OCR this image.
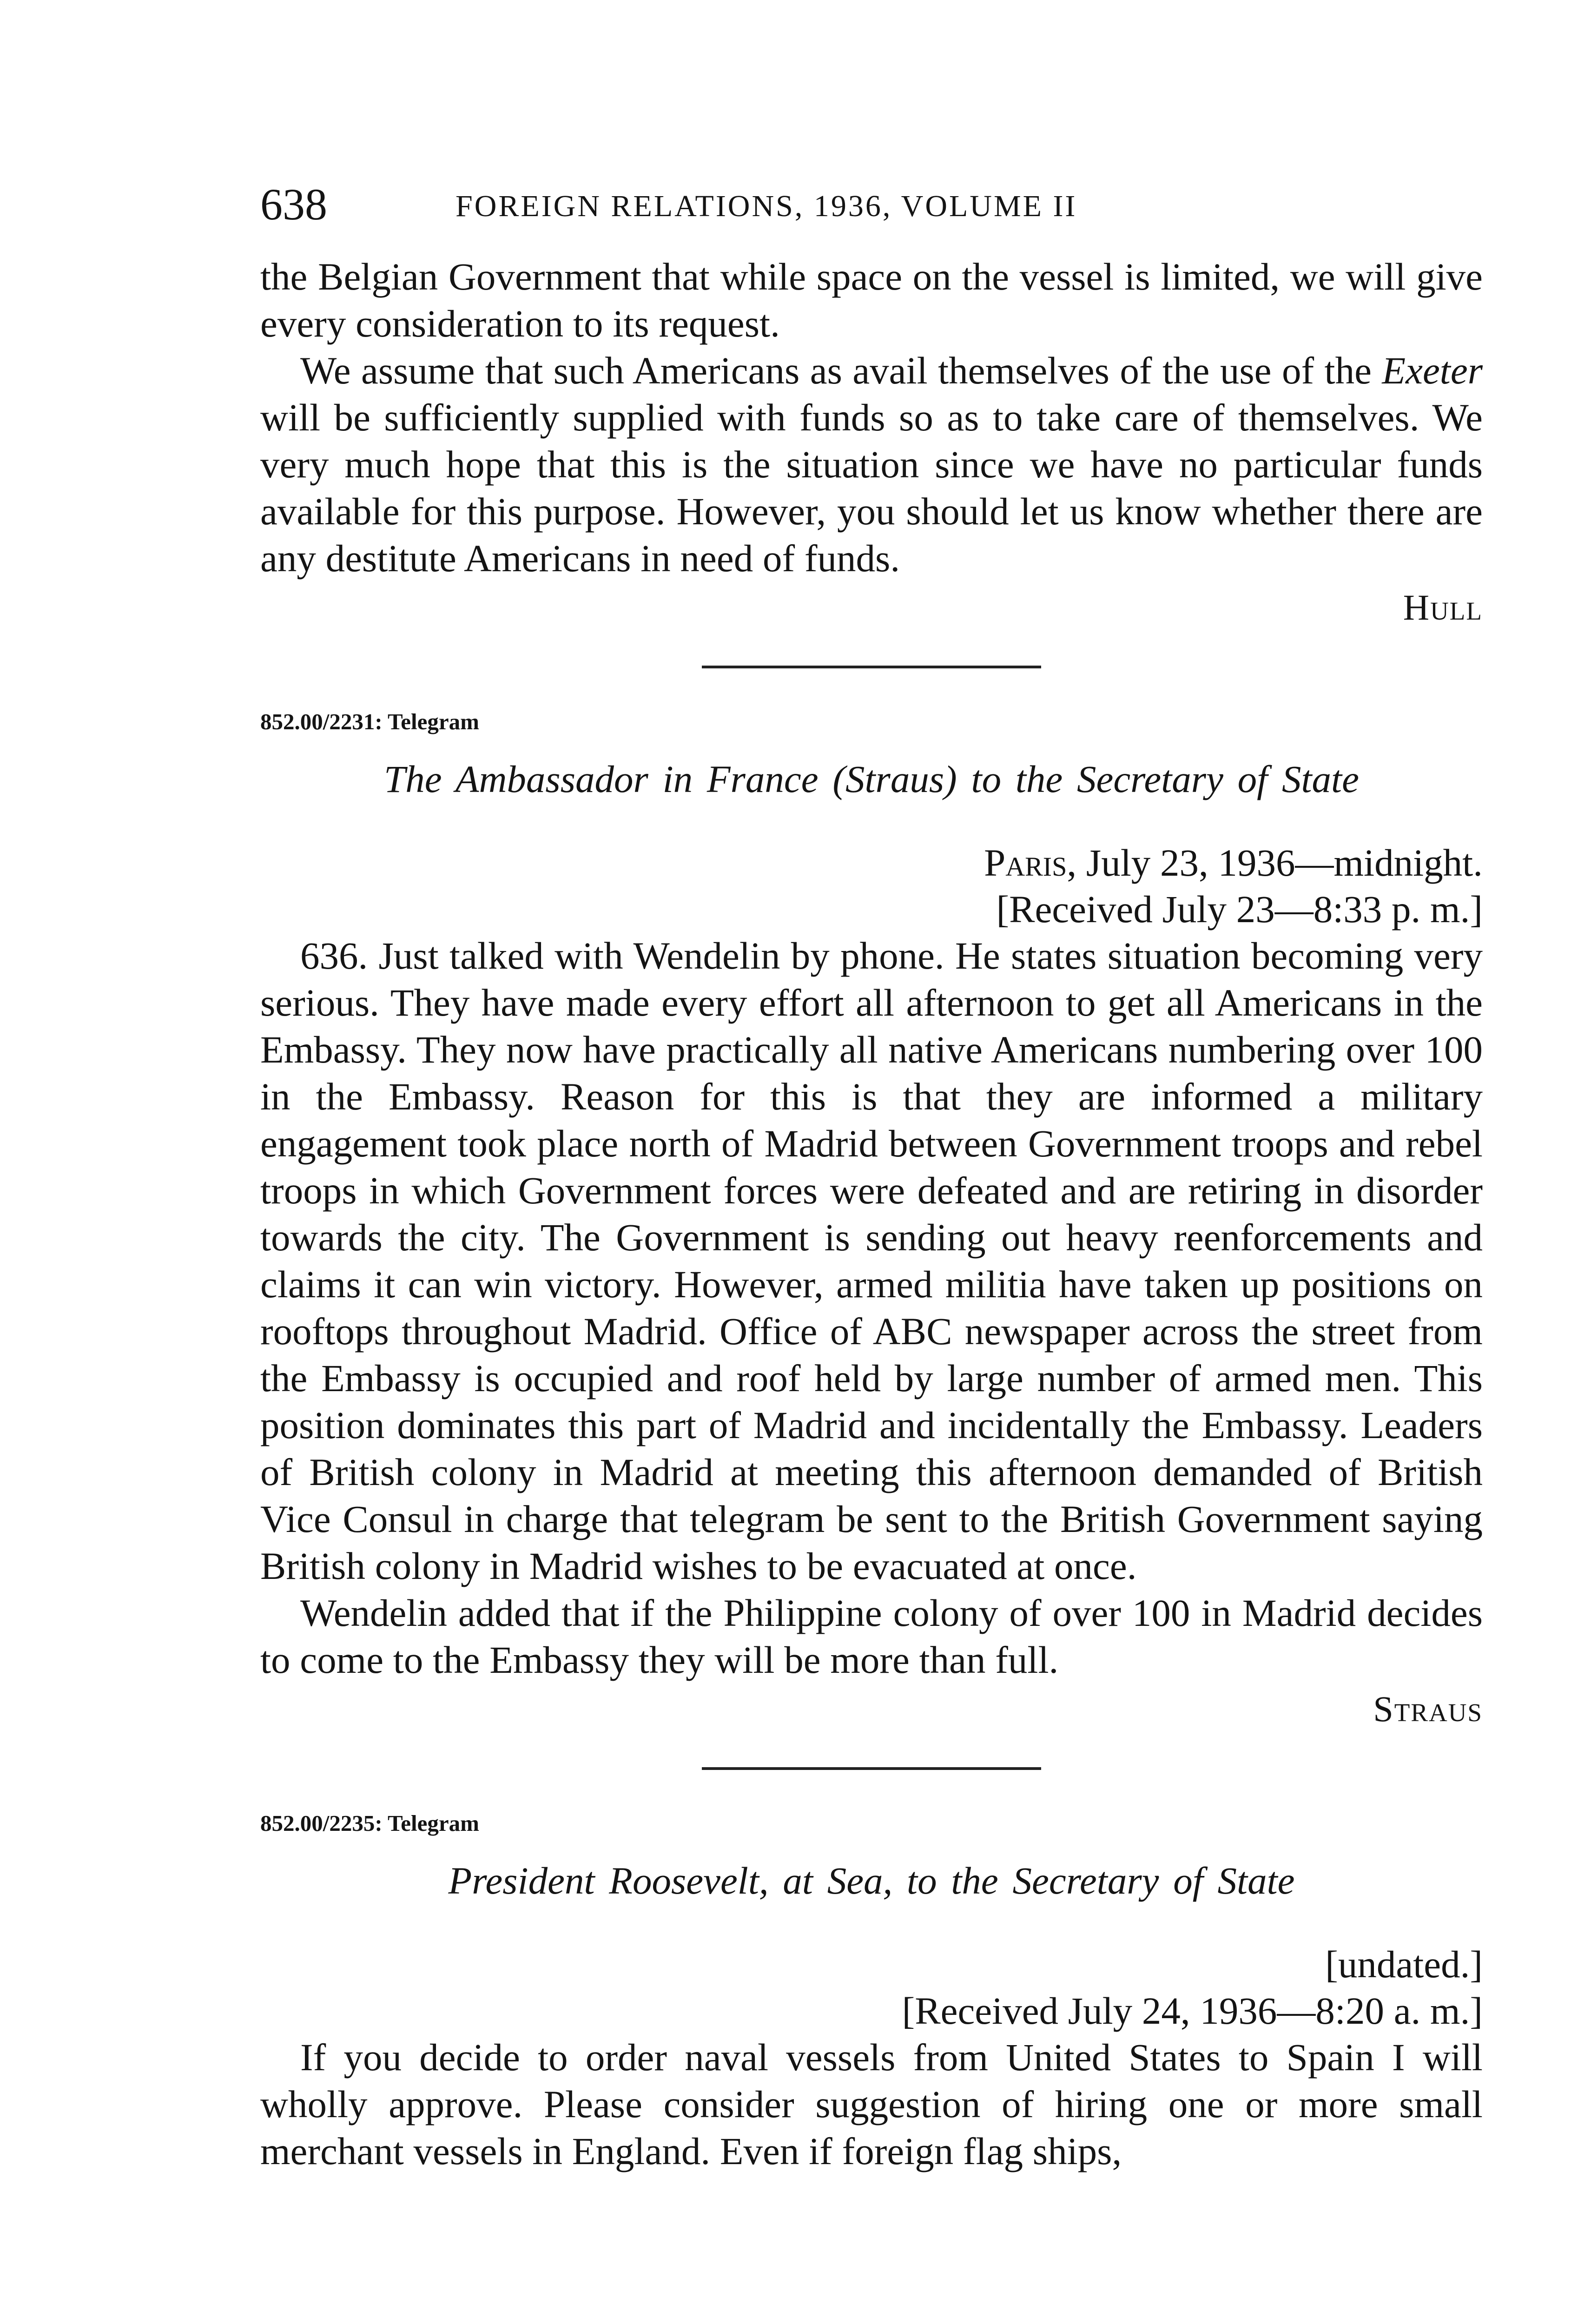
638	FOREIGN RELATIONS, 1936, VOLUME II

the Belgian Government that while space on the vessel is limited, we will give every consideration to its request.

We assume that such Americans as avail themselves of the use of the Exeter will be sufficiently supplied with funds so as to take care of themselves. We very much hope that this is the situation since we have no particular funds available for this purpose. However, you should let us know whether there are any destitute Americans in need of funds.

Hull
852.00/2231: Telegram
The Ambassador in France (Straus) to the Secretary of State
Paris, July 23, 1936—midnight.
[Received July 23—8:33 p. m.]

636. Just talked with Wendelin by phone. He states situation becoming very serious. They have made every effort all afternoon to get all Americans in the Embassy. They now have practically all native Americans numbering over 100 in the Embassy. Reason for this is that they are informed a military engagement took place north of Madrid between Government troops and rebel troops in which Government forces were defeated and are retiring in disorder towards the city. The Government is sending out heavy reenforcements and claims it can win victory. However, armed militia have taken up positions on rooftops throughout Madrid. Office of ABC newspaper across the street from the Embassy is occupied and roof held by large number of armed men. This position dominates this part of Madrid and incidentally the Embassy. Leaders of British colony in Madrid at meeting this afternoon demanded of British Vice Consul in charge that telegram be sent to the British Government saying British colony in Madrid wishes to be evacuated at once.

Wendelin added that if the Philippine colony of over 100 in Madrid decides to come to the Embassy they will be more than full.

Straus
852.00/2235: Telegram
President Roosevelt, at Sea, to the Secretary of State
[undated.]
[Received July 24, 1936—8:20 a. m.]

If you decide to order naval vessels from United States to Spain I will wholly approve. Please consider suggestion of hiring one or more small merchant vessels in England. Even if foreign flag ships,
